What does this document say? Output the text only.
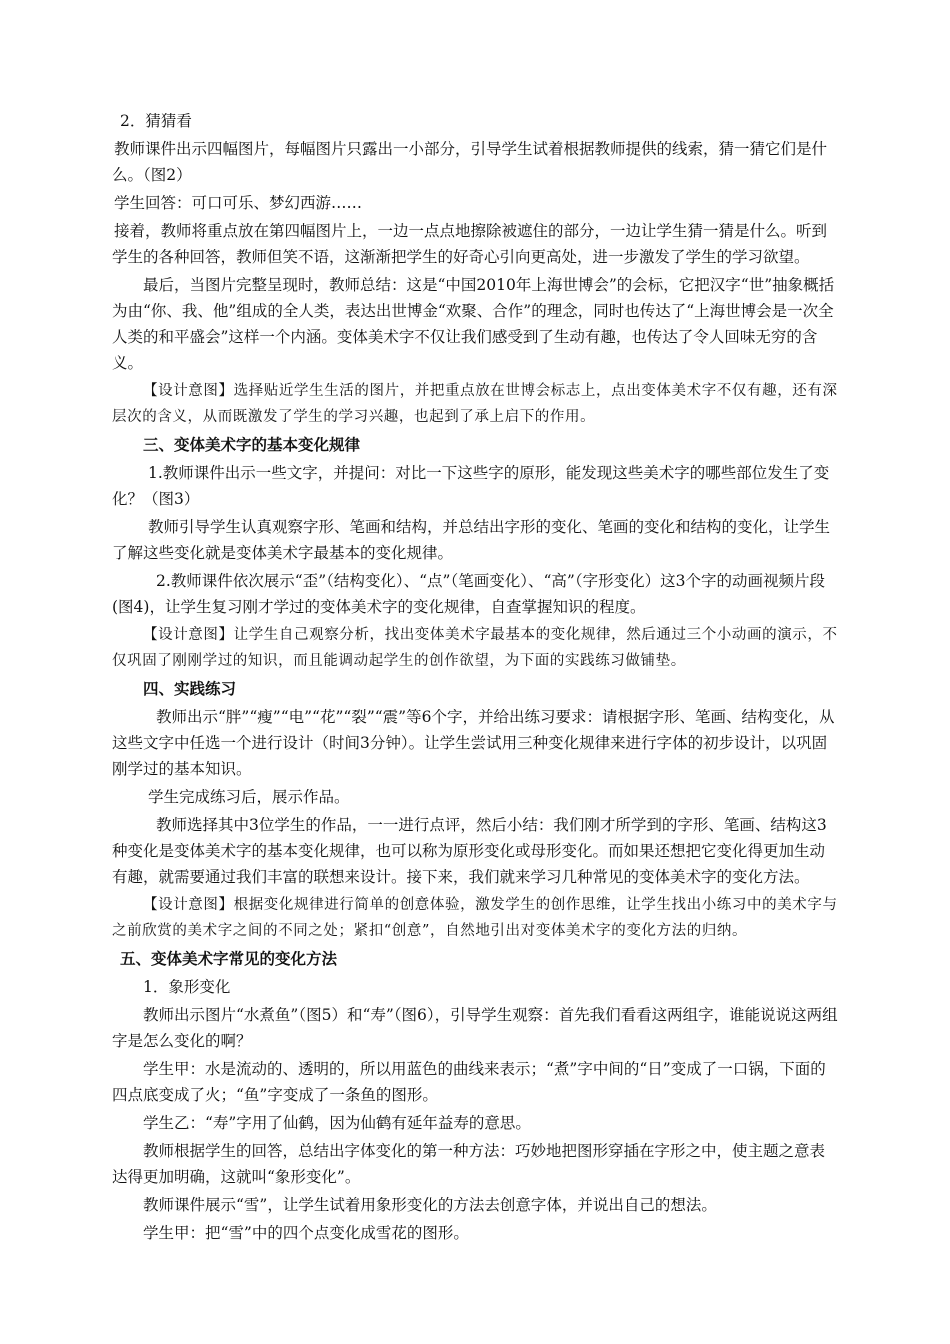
2．猜猜看

教师课件出示四幅图片，每幅图片只露出一小部分，引导学生试着根据教师提供的线索，猜一猜它们是什么。（图2）

学生回答：可口可乐、梦幻西游……

接着，教师将重点放在第四幅图片上，一边一点点地擦除被遮住的部分，一边让学生猜一猜是什么。听到学生的各种回答，教师但笑不语，这渐渐把学生的好奇心引向更高处，进一步激发了学生的学习欲望。

最后，当图片完整呈现时，教师总结：这是“中国2010年上海世博会”的会标，它把汉字“世”抽象概括为由“你、我、他”组成的全人类，表达出世博金“欢聚、合作”的理念，同时也传达了“上海世博会是一次全人类的和平盛会”这样一个内涵。变体美术字不仅让我们感受到了生动有趣，也传达了令人回味无穷的含义。

【设计意图】选择贴近学生生活的图片，并把重点放在世博会标志上，点出变体美术字不仅有趣，还有深层次的含义，从而既激发了学生的学习兴趣，也起到了承上启下的作用。

三、变体美术字的基本变化规律

1.教师课件出示一些文字，并提问：对比一下这些字的原形，能发现这些美术字的哪些部位发生了变化？（图3）

教师引导学生认真观察字形、笔画和结构，并总结出字形的变化、笔画的变化和结构的变化，让学生了解这些变化就是变体美术字最基本的变化规律。

2.教师课件依次展示“歪”（结构变化）、“点”（笔画变化）、“高”（字形变化）这3个字的动画视频片段(图4)，让学生复习刚才学过的变体美术字的变化规律，自查掌握知识的程度。

【设计意图】让学生自己观察分析，找出变体美术字最基本的变化规律，然后通过三个小动画的演示，不仅巩固了刚刚学过的知识，而且能调动起学生的创作欲望，为下面的实践练习做铺垫。

四、实践练习

教师出示“胖”“瘦”“电”“花”“裂”“震”等6个字，并给出练习要求：请根据字形、笔画、结构变化，从这些文字中任选一个进行设计（时间3分钟）。让学生尝试用三种变化规律来进行字体的初步设计，以巩固刚学过的基本知识。

学生完成练习后，展示作品。

教师选择其中3位学生的作品，一一进行点评，然后小结：我们刚才所学到的字形、笔画、结构这3种变化是变体美术字的基本变化规律，也可以称为原形变化或母形变化。而如果还想把它变化得更加生动有趣，就需要通过我们丰富的联想来设计。接下来，我们就来学习几种常见的变体美术字的变化方法。

【设计意图】根据变化规律进行简单的创意体验，激发学生的创作思维，让学生找出小练习中的美术字与之前欣赏的美术字之间的不同之处；紧扣“创意”，自然地引出对变体美术字的变化方法的归纳。

五、变体美术字常见的变化方法

1．象形变化

教师出示图片“水煮鱼”（图5）和“寿”（图6），引导学生观察：首先我们看看这两组字，谁能说说这两组字是怎么变化的啊？

学生甲：水是流动的、透明的，所以用蓝色的曲线来表示；“煮”字中间的“日”变成了一口锅，下面的四点底变成了火；“鱼”字变成了一条鱼的图形。

学生乙：“寿”字用了仙鹤，因为仙鹤有延年益寿的意思。

教师根据学生的回答，总结出字体变化的第一种方法：巧妙地把图形穿插在字形之中，使主题之意表达得更加明确，这就叫“象形变化”。

教师课件展示“雪”，让学生试着用象形变化的方法去创意字体，并说出自己的想法。

学生甲：把“雪”中的四个点变化成雪花的图形。
